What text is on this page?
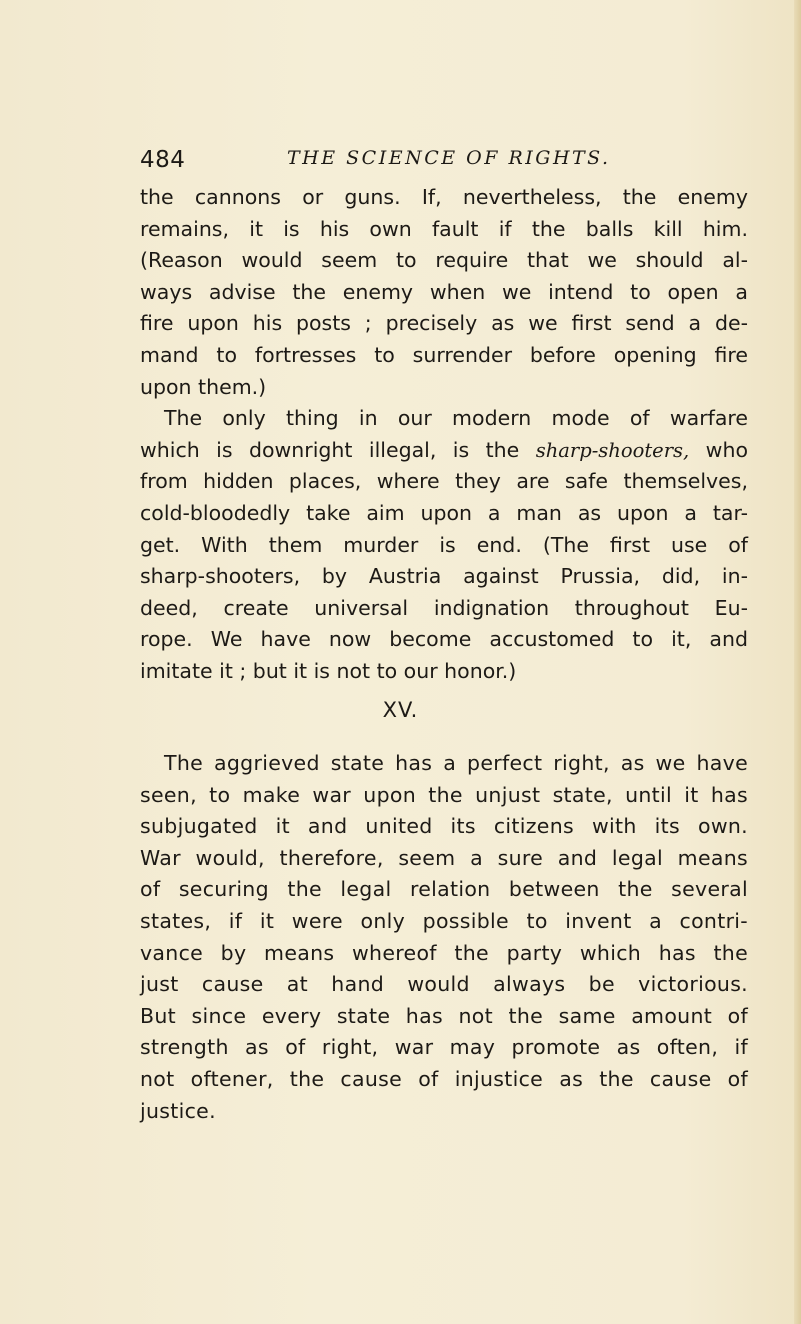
484	THE SCIENCE OF RIGHTS.
the cannons or guns. If, nevertheless, the enemy
remains, it is his own fault if the balls kill him.
(Reason would seem to require that we should al-
ways advise the enemy when we intend to open a
fire upon his posts ; precisely as we first send a de-
mand to fortresses to surrender before opening fire
upon them.)
The only thing in our modern mode of warfare
which is downright illegal, is the sharp-shooters, who
from hidden places, where they are safe themselves,
cold-bloodedly take aim upon a man as upon a tar-
get. With them murder is end. (The first use of
sharp-shooters, by Austria against Prussia, did, in-
deed, create universal indignation throughout Eu-
rope. We have now become accustomed to it, and
imitate it ; but it is not to our honor.)
XV.
The aggrieved state has a perfect right, as we have
seen, to make war upon the unjust state, until it has
subjugated it and united its citizens with its own.
War would, therefore, seem a sure and legal means
of securing the legal relation between the several
states, if it were only possible to invent a contri-
vance by means whereof the party which has the
just cause at hand would always be victorious.
But since every state has not the same amount of
strength as of right, war may promote as often, if
not oftener, the cause of injustice as the cause of
justice.
